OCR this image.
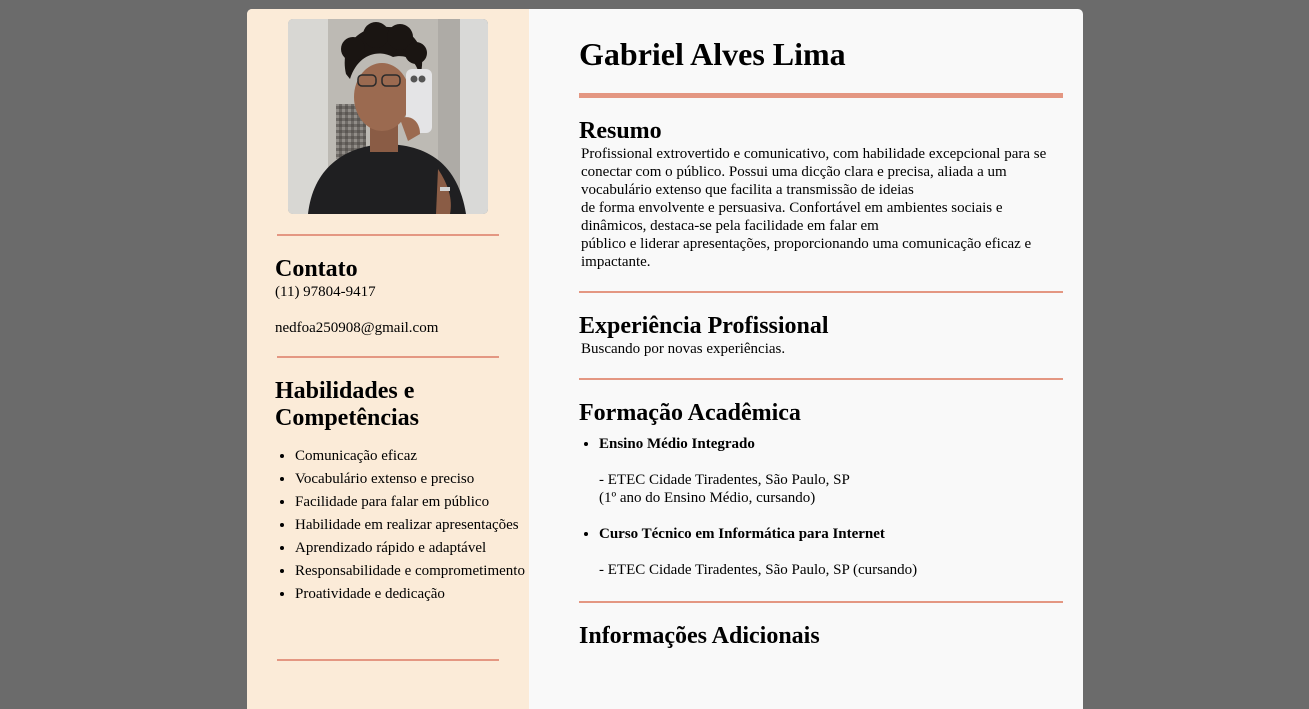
Contato

(11) 97804-9417

nedfoa250908@gmail.com

Habilidades e
Competências
• Comunicação eficaz
• Vocabulário extenso e preciso
• Facilidade para falar em público
• Habilidade em realizar apresentações
• Aprendizado rápido e adaptável
• Responsabilidade e comprometimento
• Proatividade e dedicação
Gabriel Alves Lima
Resumo
Profissional extrovertido e comunicativo, com habilidade excepcional para se conectar com o público. Possui uma dicção clara e precisa, aliada a um vocabulário extenso que facilita a transmissão de ideias
de forma envolvente e persuasiva. Confortável em ambientes sociais e dinâmicos, destaca-se pela facilidade em falar em
público e liderar apresentações, proporcionando uma comunicação eficaz e impactante.
Experiência Profissional

Buscando por novas experiências.

Formação Acadêmica
• Ensino Médio Integrado
- ETEC Cidade Tiradentes, São Paulo, SP
(1º ano do Ensino Médio, cursando)
• Curso Técnico em Informática para Internet
- ETEC Cidade Tiradentes, São Paulo, SP (cursando)
Informações Adicionais
